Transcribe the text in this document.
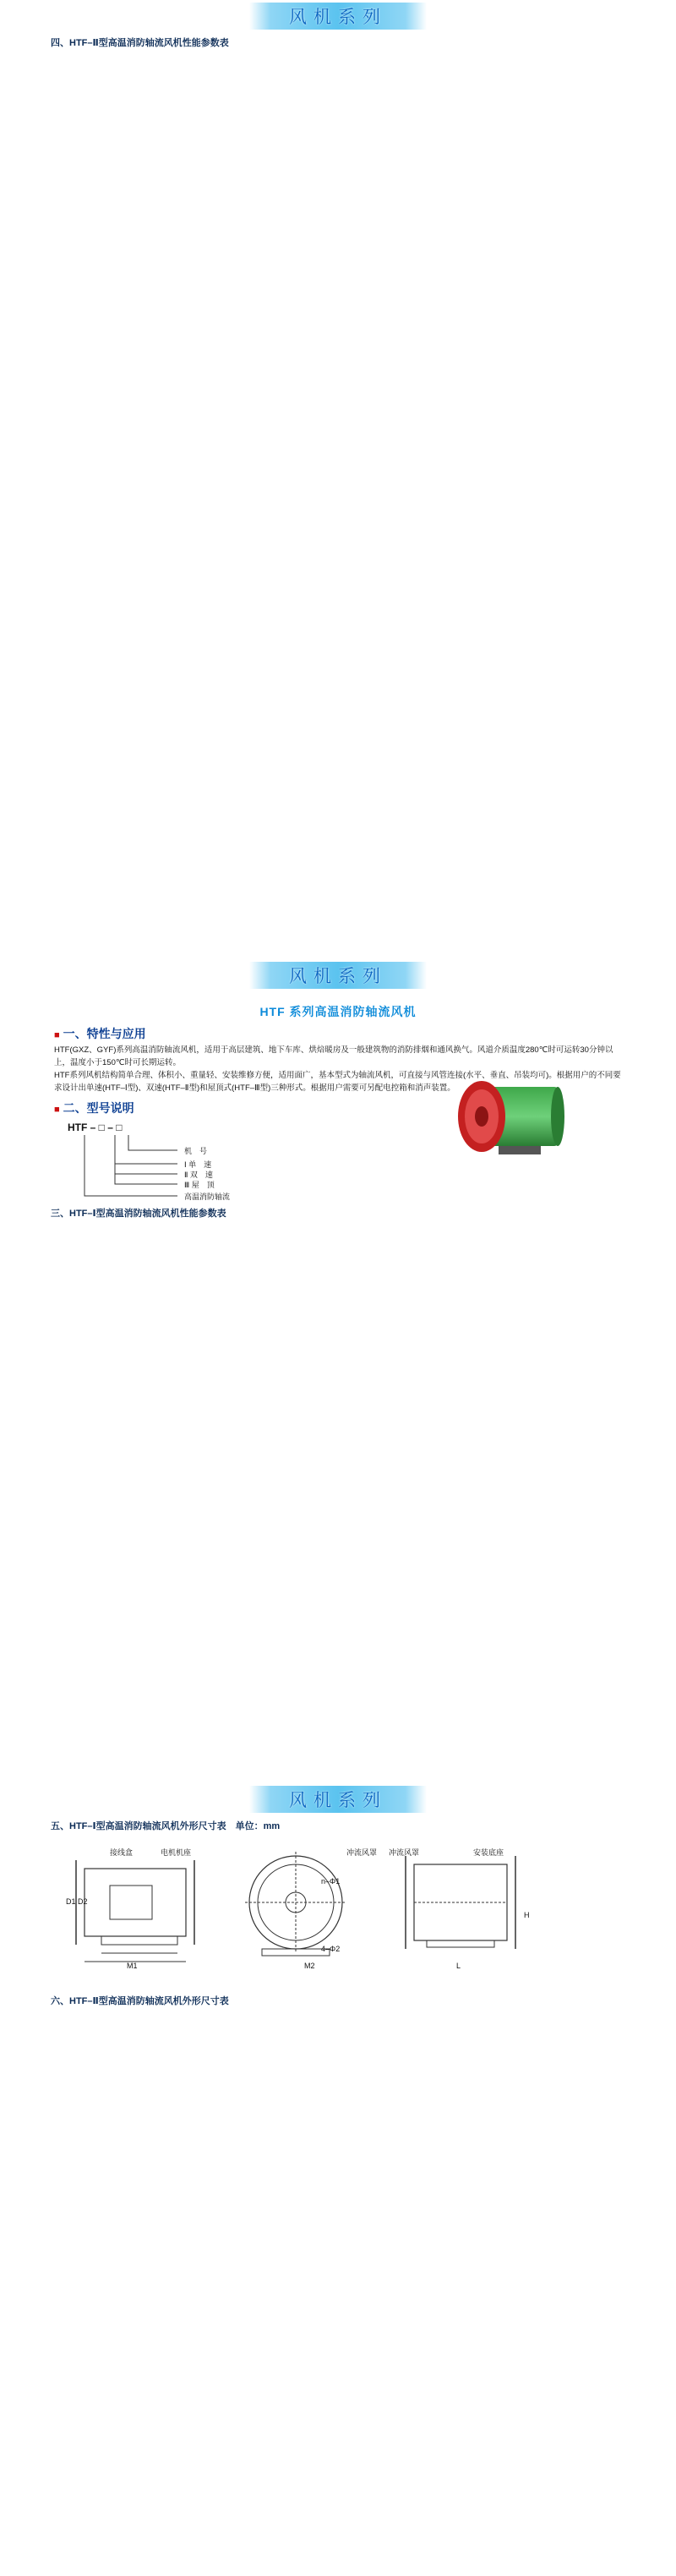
风机系列
四、HTF–Ⅱ型高温消防轴流风机性能参数表
风机系列
HTF 系列高温消防轴流风机
■ 一、特性与应用
HTF(GXZ、GYF)系列高温消防轴流风机，适用于高层建筑、地下车库、烘焙暖房及一般建筑物的消防排烟和通风换气。风道介质温度280℃时可运转30分钟以上，温度小于150℃时可长期运转。
HTF系列风机结构简单合理、体积小、重量轻、安装维修方便，适用面广，基本型式为轴流风机，可直接与风管连接(水平、垂直、吊装均可)。根据用户的不同要求设计出单速(HTF–Ⅰ型)、双速(HTF–Ⅱ型)和屋顶式(HTF–Ⅲ型)三种形式。根据用户需要可另配电控箱和消声装置。
■ 二、型号说明
HTF – □ – □
机　号
Ⅰ 单　速
Ⅱ 双　速
Ⅲ 屋　顶
高温消防轴流
三、HTF–Ⅰ型高温消防轴流风机性能参数表
风机系列
五、HTF–Ⅰ型高温消防轴流风机外形尺寸表　单位：mm
接线盒	电机机座	冲流风罩 冲流风罩	安装底座
M1	M2	L
H
D1 D2
n–Φ1
4–Φ2
六、HTF–Ⅱ型高温消防轴流风机外形尺寸表
